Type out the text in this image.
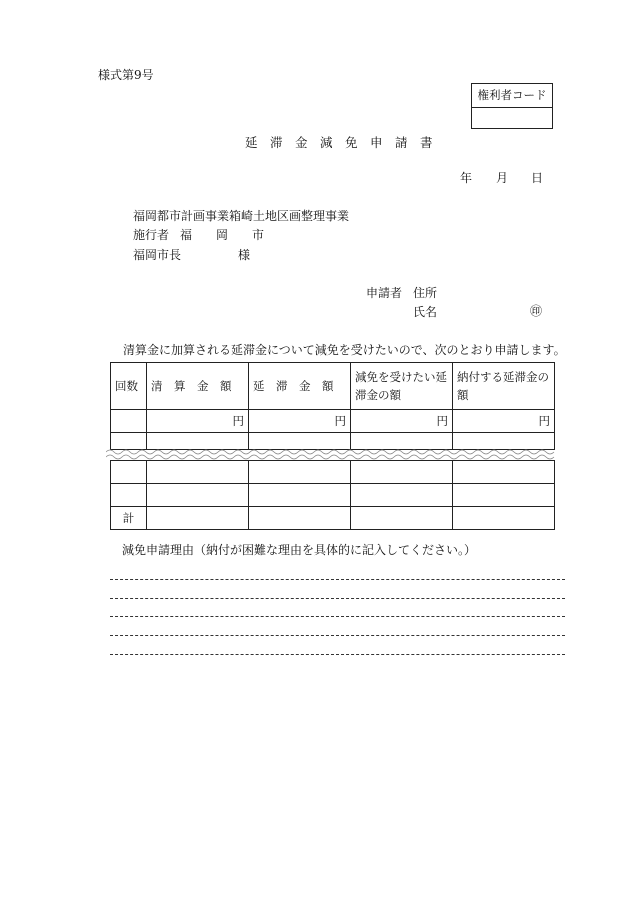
様式第9号
権利者コード
延　滞　金　減　免　申　請　書
年 月 日
福岡都市計画事業箱崎土地区画整理事業
施行者 福　　岡　　市
福岡市長	様
申請者 住所
氏名	㊞
清算金に加算される延滞金について減免を受けたいので、次のとおり申請します。
回数	清　算　金　額	延　滞　金　額	減免を受けたい延滞金の額	納付する延滞金の額
	円	円	円	円

計				
減免申請理由（納付が困難な理由を具体的に記入してください。）
